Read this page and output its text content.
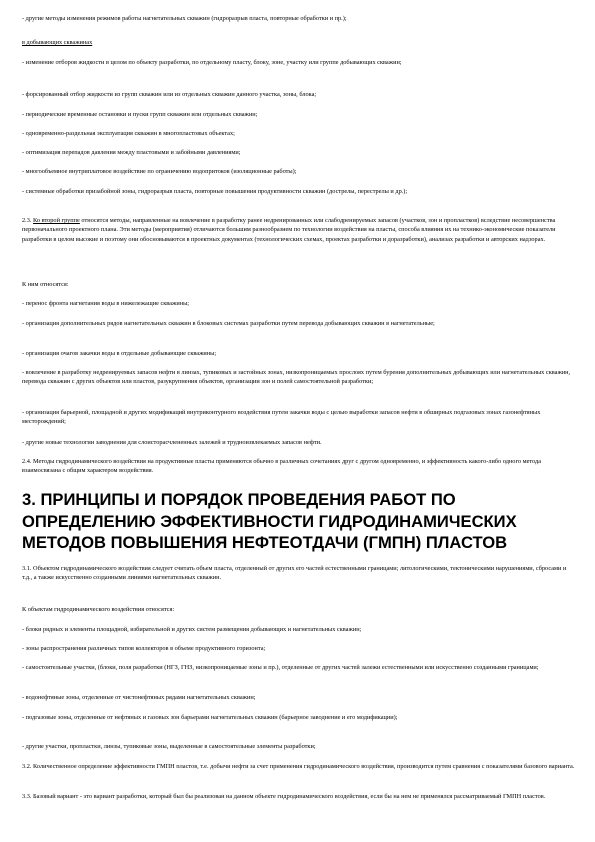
- другие методы изменения режимов работы нагнетательных скважин (гидроразрыв пласта, повторные обработки и пр.);

в добывающих скважинах

- изменение отборов жидкости в целом по объекту разработки, по отдельному пласту, блоку, зоне, участку или группе добывающих скважин;

- форсированный отбор жидкости из групп скважин или из отдельных скважин данного участка, зоны, блока;

- периодические временные остановки и пуски групп скважин или отдельных скважин;

- одновременно-раздельная эксплуатация скважин в многопластовых объектах;

- оптимизация перепадов давления между пластовыми и забойными давлениями;

- многообъемное внутриплатовое воздействие по ограничению водопритоков (изоляционные работы);

- системные обработки призабойной зоны, гидроразрыв пласта, повторные повышения продуктивности скважин (дострелы, перестрелы и др.);

2.3. Ко второй группе относятся методы, направленные на вовлечение в разработку ранее недренированных или слабодренируемых запасов (участков, зон и пропластков) вследствие несовершенства первоначального проектного плана. Эти методы (мероприятия) отличаются большим разнообразием по технологии воздействия на пласты, способа влияния их на технико-экономические показатели разработки в целом высокие и поэтому они обосновываются в проектных документах (технологических схемах, проектах разработки и доразработки), анализах разработки и авторских надзорах.

К ним относятся:

- перенос фронта нагнетания воды в нижележащие скважины;

- организация дополнительных рядов нагнетательных скважин в блоковых системах разработки путем перевода добывающих скважин в нагнетательные;

- организация очагов закачки воды в отдельные добывающие скважины;

- вовлечение в разработку недренируемых запасов нефти в линзах, тупиковых и застойных зонах, низкопроницаемых прослоях путем бурения дополнительных добывающих или нагнетательных скважин, перевода скважин с других объектов или пластов, разукрупнения объектов, организации зон и полей самостоятельной разработки;

- организация барьерной, площадной и других модификаций внутриконтурного воздействия путем закачки воды с целью выработки запасов нефти в обширных подгазовых зонах газонефтяных месторождений;

- другие новые технологии заводнения для слоисторасчлененных залежей и трудноизвлекаемых запасов нефти.

2.4. Методы гидродинамического воздействия на продуктивные пласты применяются обычно в различных сочетаниях друг с другом одновременно, и эффективность какого-либо одного метода взаимосвязана с общим характером воздействия.

3. ПРИНЦИПЫ И ПОРЯДОК ПРОВЕДЕНИЯ РАБОТ ПО ОПРЕДЕЛЕНИЮ ЭФФЕКТИВНОСТИ ГИДРОДИНАМИЧЕСКИХ МЕТОДОВ ПОВЫШЕНИЯ НЕФТЕОТДАЧИ (ГМПН) ПЛАСТОВ

3.1. Объектом гидродинамического воздействия следует считать объем пласта, отделенный от других его частей естественными границами; литологическими, тектоническими нарушениями, сбросами и т.д., а также искусственно созданными линиями нагнетательных скважин.

К объектам гидродинамического воздействия относятся:

- блоки рядных и элементы площадной, избирательной и других систем размещения добывающих и нагнетательных скважин;

- зоны распространения различных типов коллекторов в объеме продуктивного горизонта;

- самостоятельные участки, (блоки, поля разработки (НГЗ, ГНЗ, низкопроницаемые зоны и пр.), отделенные от других частей залежи естественными или искусственно созданными границами;

- водонефтяные зоны, отделенные от чистонефтяных рядами нагнетательных скважин;

- подгазовые зоны, отделенные от нефтяных и газовых зон барьерами нагнетательных скважин (барьерное заводнение и его модификации);

- другие участки, пропластки, линзы, тупиковые зоны, выделенные в самостоятельные элементы разработки;

3.2. Количественное определение эффективности ГМПН пластов, т.е. добычи нефти за счет применения гидродинамического воздействия, производится путем сравнения с показателями базового варианта.

3.3. Базовый вариант - это вариант разработки, который был бы реализован на данном объекте гидродинамического воздействия, если бы на нем не применялся рассматриваемый ГМПН пластов.
